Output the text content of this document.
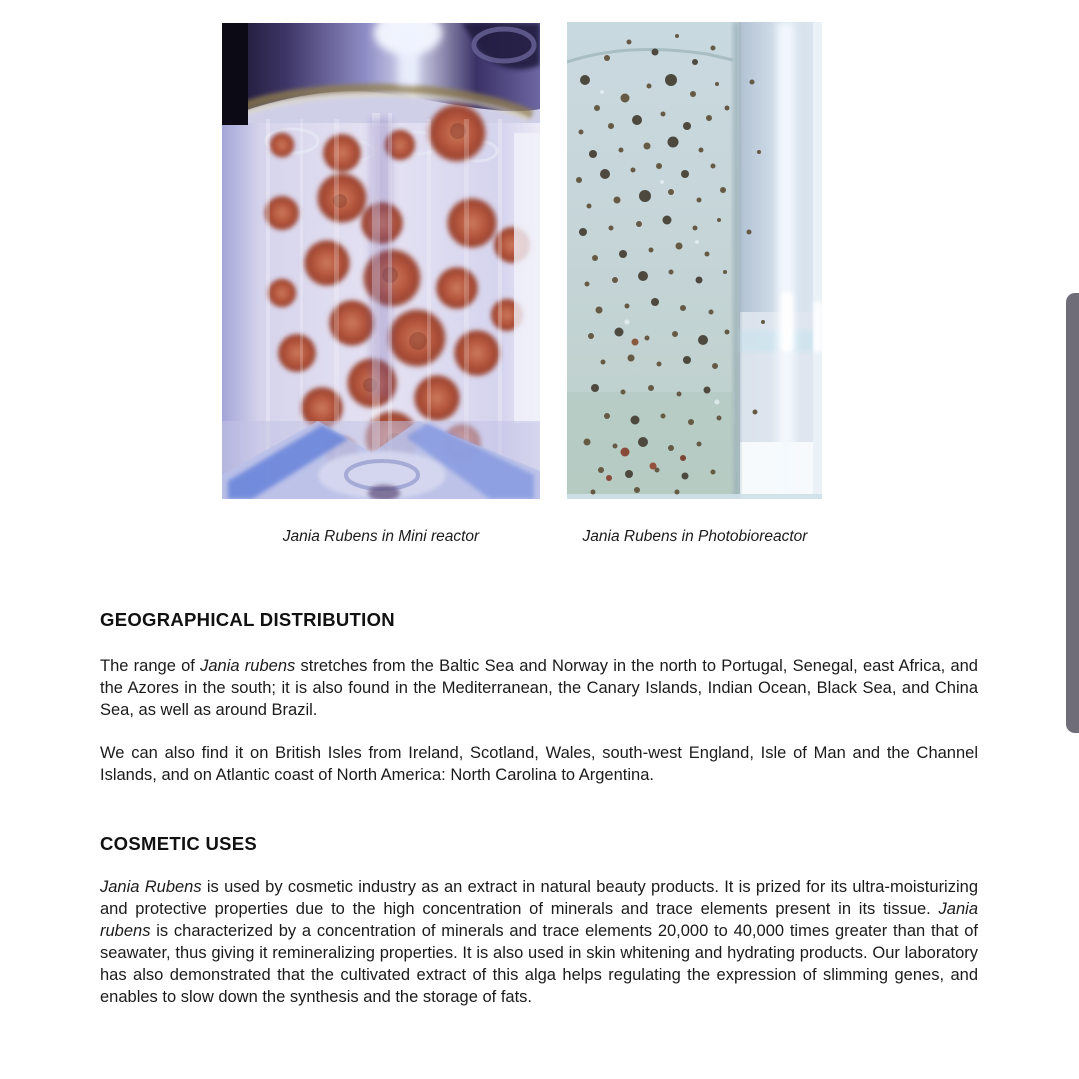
Jania Rubens in Mini reactor	Jania Rubens in Photobioreactor
GEOGRAPHICAL DISTRIBUTION

The range of Jania rubens stretches from the Baltic Sea and Norway in the north to Portugal, Senegal, east Africa, and the Azores in the south; it is also found in the Mediterranean, the Canary Islands, Indian Ocean, Black Sea, and China Sea, as well as around Brazil.

We can also find it on British Isles from Ireland, Scotland, Wales, south-west England, Isle of Man and the Channel Islands, and on Atlantic coast of North America: North Carolina to Argentina.

COSMETIC USES

Jania Rubens is used by cosmetic industry as an extract in natural beauty products. It is prized for its ultra-moisturizing and protective properties due to the high concentration of minerals and trace elements present in its tissue. Jania rubens is characterized by a concentration of minerals and trace elements 20,000 to 40,000 times greater than that of seawater, thus giving it remineralizing properties. It is also used in skin whitening and hydrating products. Our laboratory has also demonstrated that the cultivated extract of this alga helps regulating the expression of slimming genes, and enables to slow down the synthesis and the storage of fats.
